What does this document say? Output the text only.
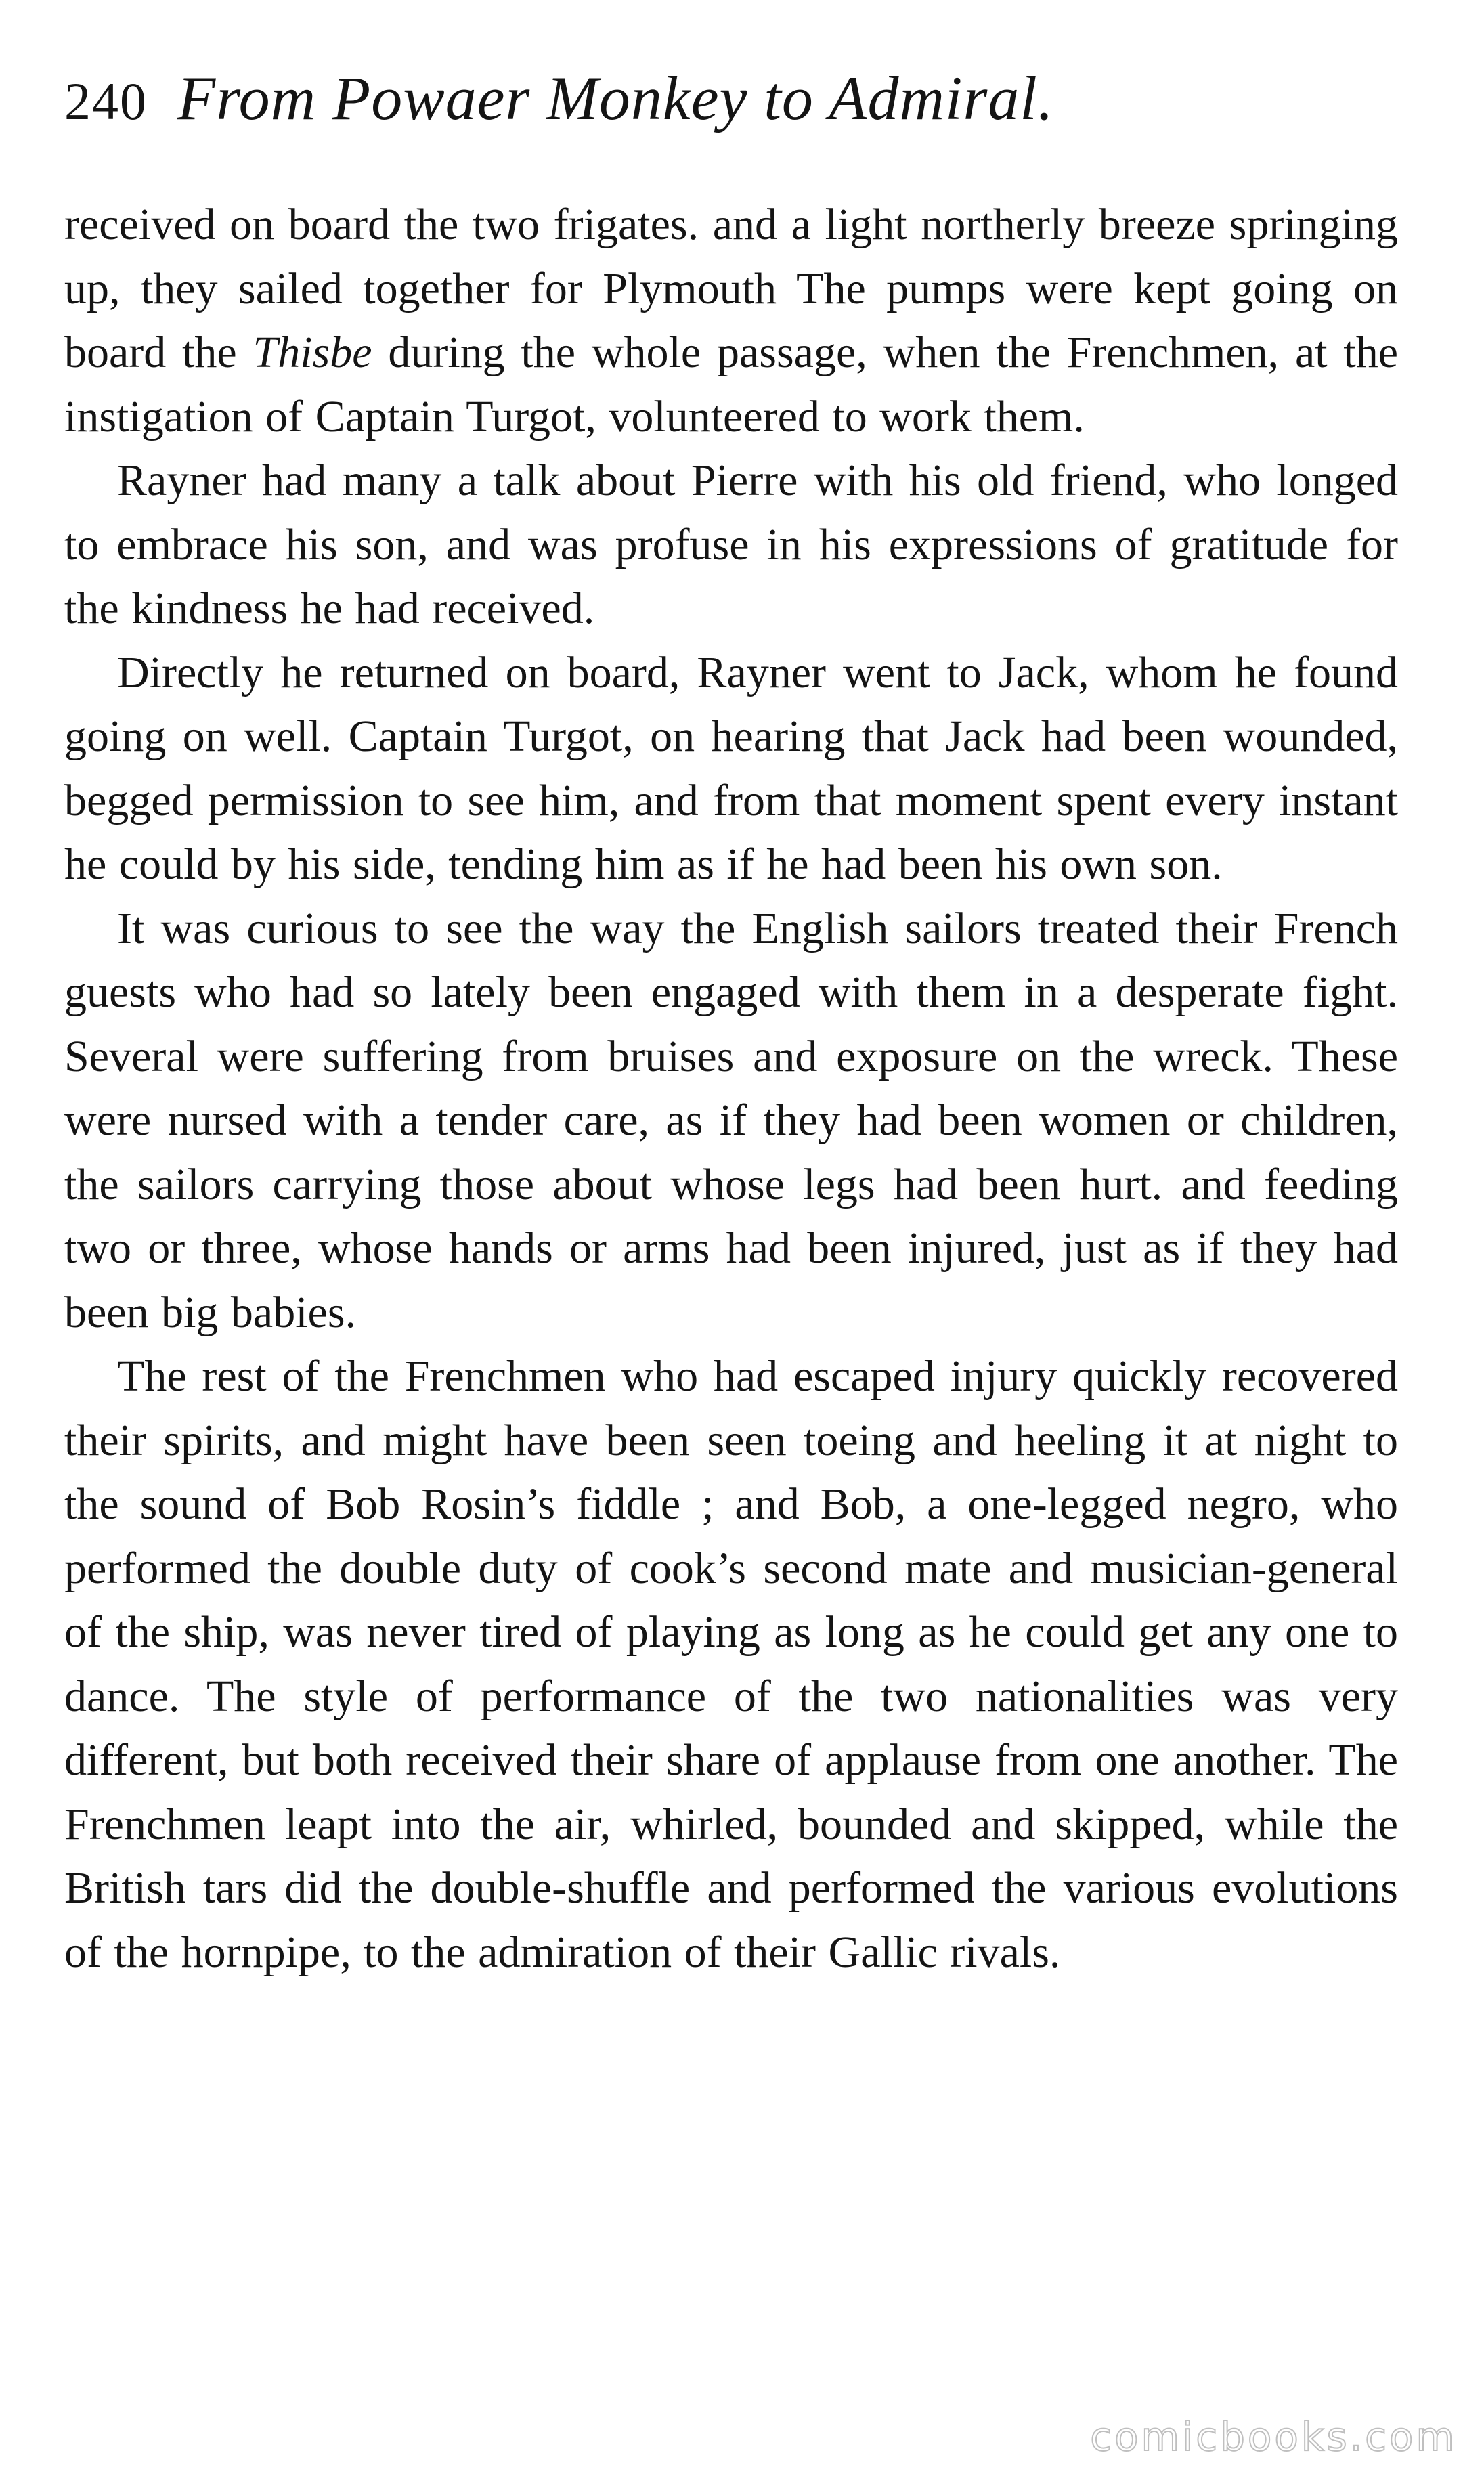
240 From Powaer Monkey to Admiral.

received on board the two frigates. and a light northerly breeze springing up, they sailed together for Plymouth The pumps were kept going on board the Thisbe during the whole passage, when the Frenchmen, at the instigation of Captain Turgot, volunteered to work them.

Rayner had many a talk about Pierre with his old friend, who longed to embrace his son, and was profuse in his expressions of gratitude for the kindness he had received.

Directly he returned on board, Rayner went to Jack, whom he found going on well. Captain Turgot, on hearing that Jack had been wounded, begged permission to see him, and from that moment spent every instant he could by his side, tending him as if he had been his own son.

It was curious to see the way the English sailors treated their French guests who had so lately been engaged with them in a desperate fight. Several were suffering from bruises and exposure on the wreck. These were nursed with a tender care, as if they had been women or children, the sailors carrying those about whose legs had been hurt. and feeding two or three, whose hands or arms had been injured, just as if they had been big babies.

The rest of the Frenchmen who had escaped injury quickly recovered their spirits, and might have been seen toeing and heeling it at night to the sound of Bob Rosin’s fiddle ; and Bob, a one-legged negro, who performed the double duty of cook’s second mate and musician-general of the ship, was never tired of playing as long as he could get any one to dance. The style of performance of the two nationalities was very different, but both received their share of applause from one another. The Frenchmen leapt into the air, whirled, bounded and skipped, while the British tars did the double-shuffle and performed the various evolutions of the hornpipe, to the admiration of their Gallic rivals.

comicbooks.com
